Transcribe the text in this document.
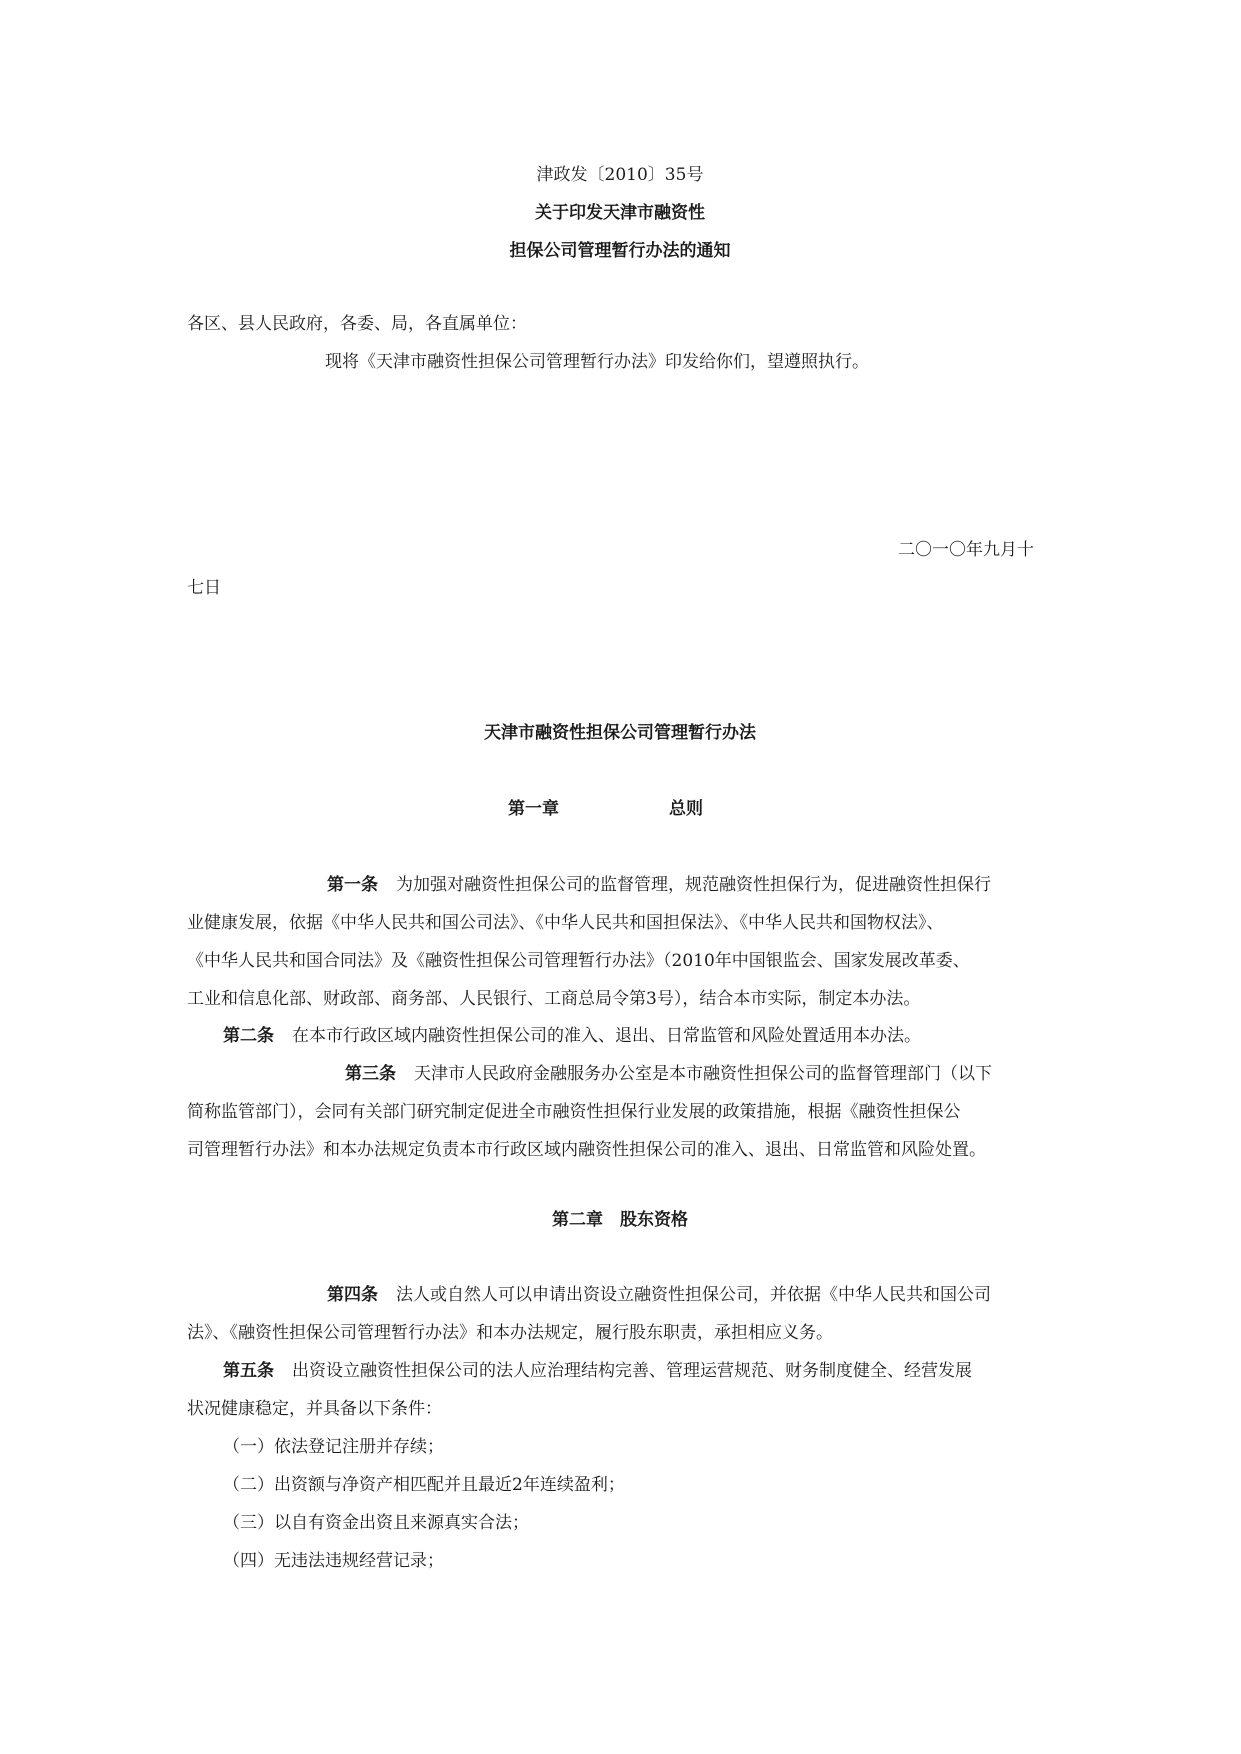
津政发〔2010〕35号
关于印发天津市融资性
担保公司管理暂行办法的通知
各区、县人民政府，各委、局，各直属单位：
现将《天津市融资性担保公司管理暂行办法》印发给你们，望遵照执行。
二〇一〇年九月十
七日
天津市融资性担保公司管理暂行办法
第一章	总则
第一条 为加强对融资性担保公司的监督管理，规范融资性担保行为，促进融资性担保行
业健康发展，依据《中华人民共和国公司法》、《中华人民共和国担保法》、《中华人民共和国物权法》、
《中华人民共和国合同法》及《融资性担保公司管理暂行办法》（2010年中国银监会、国家发展改革委、
工业和信息化部、财政部、商务部、人民银行、工商总局令第3号），结合本市实际，制定本办法。
第二条 在本市行政区域内融资性担保公司的准入、退出、日常监管和风险处置适用本办法。
第三条 天津市人民政府金融服务办公室是本市融资性担保公司的监督管理部门（以下
简称监管部门），会同有关部门研究制定促进全市融资性担保行业发展的政策措施，根据《融资性担保公
司管理暂行办法》和本办法规定负责本市行政区域内融资性担保公司的准入、退出、日常监管和风险处置。
第二章　股东资格
第四条 法人或自然人可以申请出资设立融资性担保公司，并依据《中华人民共和国公司
法》、《融资性担保公司管理暂行办法》和本办法规定，履行股东职责，承担相应义务。
第五条 出资设立融资性担保公司的法人应治理结构完善、管理运营规范、财务制度健全、经营发展
状况健康稳定，并具备以下条件：
（一）依法登记注册并存续；
（二）出资额与净资产相匹配并且最近2年连续盈利；
（三）以自有资金出资且来源真实合法；
（四）无违法违规经营记录；
